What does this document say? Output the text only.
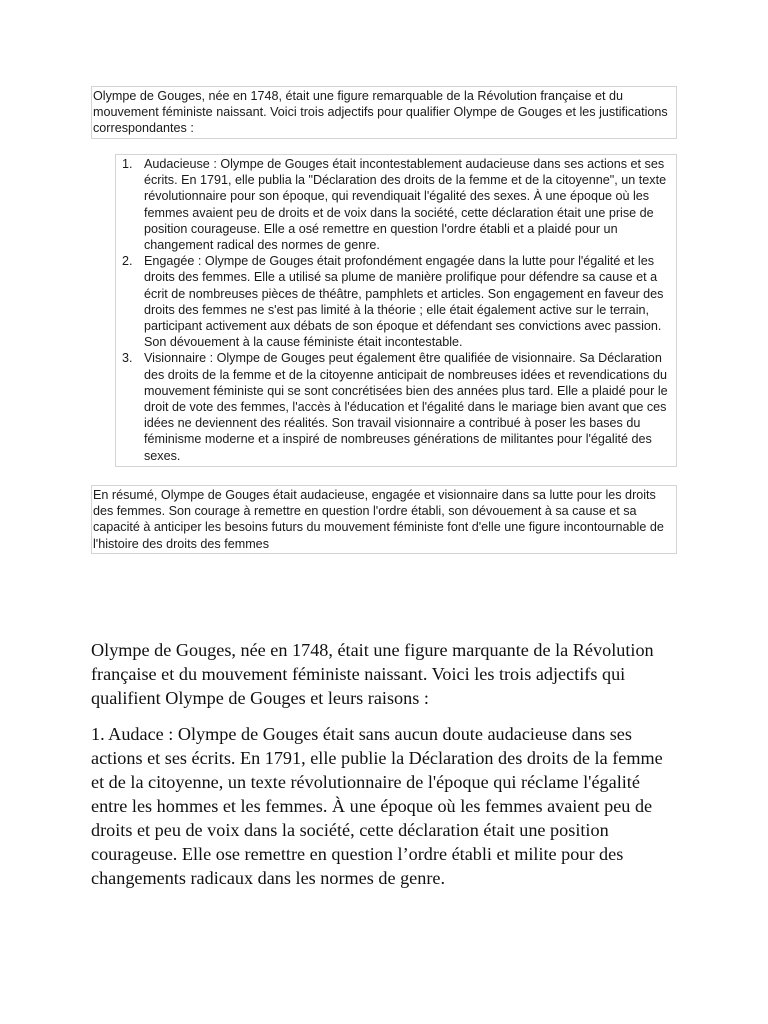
Olympe de Gouges, née en 1748, était une figure remarquable de la Révolution française et du mouvement féministe naissant. Voici trois adjectifs pour qualifier Olympe de Gouges et les justifications correspondantes :
1. Audacieuse : Olympe de Gouges était incontestablement audacieuse dans ses actions et ses écrits. En 1791, elle publia la "Déclaration des droits de la femme et de la citoyenne", un texte révolutionnaire pour son époque, qui revendiquait l'égalité des sexes. À une époque où les femmes avaient peu de droits et de voix dans la société, cette déclaration était une prise de position courageuse. Elle a osé remettre en question l'ordre établi et a plaidé pour un changement radical des normes de genre.
2. Engagée : Olympe de Gouges était profondément engagée dans la lutte pour l'égalité et les droits des femmes. Elle a utilisé sa plume de manière prolifique pour défendre sa cause et a écrit de nombreuses pièces de théâtre, pamphlets et articles. Son engagement en faveur des droits des femmes ne s'est pas limité à la théorie ; elle était également active sur le terrain, participant activement aux débats de son époque et défendant ses convictions avec passion. Son dévouement à la cause féministe était incontestable.
3. Visionnaire : Olympe de Gouges peut également être qualifiée de visionnaire. Sa Déclaration des droits de la femme et de la citoyenne anticipait de nombreuses idées et revendications du mouvement féministe qui se sont concrétisées bien des années plus tard. Elle a plaidé pour le droit de vote des femmes, l'accès à l'éducation et l'égalité dans le mariage bien avant que ces idées ne deviennent des réalités. Son travail visionnaire a contribué à poser les bases du féminisme moderne et a inspiré de nombreuses générations de militantes pour l'égalité des sexes.
En résumé, Olympe de Gouges était audacieuse, engagée et visionnaire dans sa lutte pour les droits des femmes. Son courage à remettre en question l'ordre établi, son dévouement à sa cause et sa capacité à anticiper les besoins futurs du mouvement féministe font d'elle une figure incontournable de l'histoire des droits des femmes

Olympe de Gouges, née en 1748, était une figure marquante de la Révolution française et du mouvement féministe naissant. Voici les trois adjectifs qui qualifient Olympe de Gouges et leurs raisons :

1. Audace : Olympe de Gouges était sans aucun doute audacieuse dans ses actions et ses écrits. En 1791, elle publie la Déclaration des droits de la femme et de la citoyenne, un texte révolutionnaire de l'époque qui réclame l'égalité entre les hommes et les femmes. À une époque où les femmes avaient peu de droits et peu de voix dans la société, cette déclaration était une position courageuse. Elle ose remettre en question l’ordre établi et milite pour des changements radicaux dans les normes de genre.
